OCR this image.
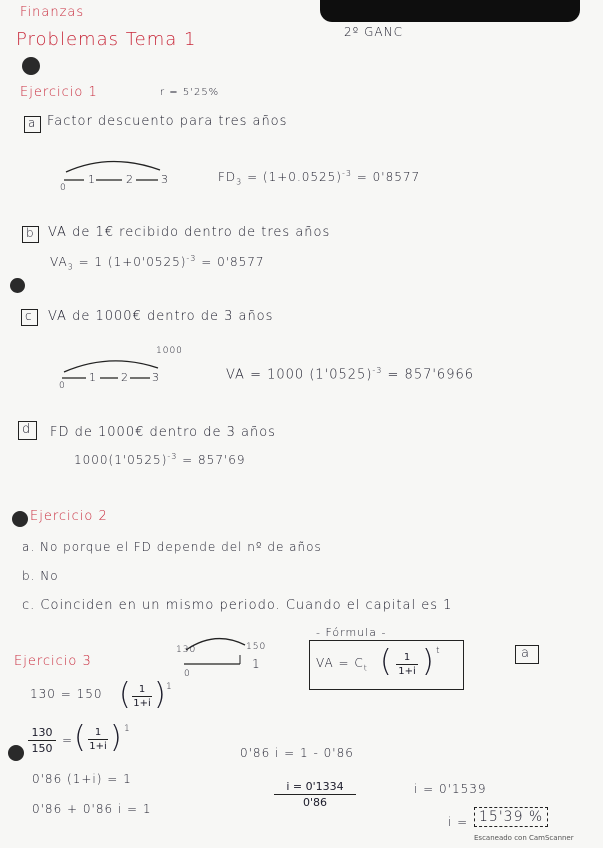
Finanzas
Problemas Tema 1	2º GANC
Ejercicio 1	r = 5'25%
a Factor descuento para tres años
0
1	2 3	$FD_3 = (1+0.0525)^{-3} = 0'8577$
b VA de 1€ recibido dentro de tres años
$VA_3 = 1$ $(1+0'0525)^{-3} = 0'8577$
c VA de 1000€ dentro de 3 años
1000
0
1 2 3	VA = 1000 $(1'0525)^{-3} = 857'6966$
d FD de 1000€ dentro de 3 años
$1000(1'0525)^{-3} = 857'69$
Ejercicio 2
a. No porque el FD depende del nº de años
b. No
c. Coinciden en un mismo periodo. Cuando el capital es 1
Ejercicio 3
130	150
0
1
- Fórmula -
VA = $C_t$ ( 1
1+i ) t	a
130 = 150 ( 1
1+i ) 1
130
150
= ( 1
1+i ) 1
0'86 (1+i) = 1
0'86 + 0'86 i = 1
0'86 i = 1 - 0'86
i = 0'1334
0'86
i = 0'1539
i = 15'39 %
Escaneado con CamScanner
